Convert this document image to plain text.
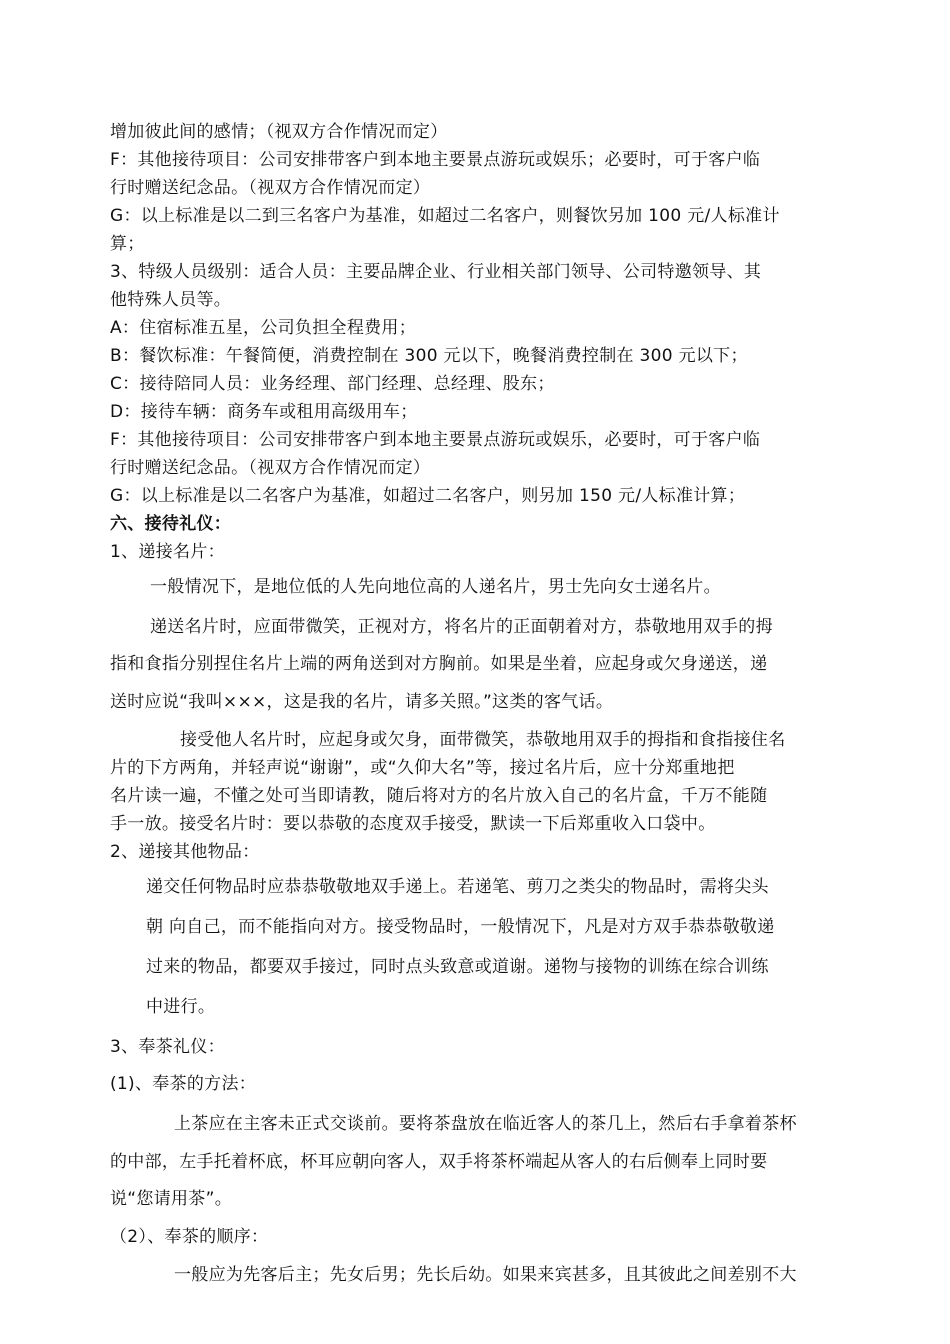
增加彼此间的感情；（视双方合作情况而定）
F：其他接待项目：公司安排带客户到本地主要景点游玩或娱乐；必要时，可于客户临
行时赠送纪念品。（视双方合作情况而定）
G：以上标准是以二到三名客户为基准，如超过二名客户，则餐饮另加 100 元/人标准计
算；
3、特级人员级别：适合人员：主要品牌企业、行业相关部门领导、公司特邀领导、其
他特殊人员等。
A：住宿标准五星，公司负担全程费用；
B：餐饮标准：午餐简便，消费控制在 300 元以下，晚餐消费控制在 300 元以下；
C：接待陪同人员：业务经理、部门经理、总经理、股东；
D：接待车辆：商务车或租用高级用车；
F：其他接待项目：公司安排带客户到本地主要景点游玩或娱乐，必要时，可于客户临
行时赠送纪念品。（视双方合作情况而定）
G：以上标准是以二名客户为基准，如超过二名客户，则另加 150 元/人标准计算；
六、接待礼仪：
1、递接名片：
一般情况下，是地位低的人先向地位高的人递名片，男士先向女士递名片。
递送名片时，应面带微笑，正视对方，将名片的正面朝着对方，恭敬地用双手的拇
指和食指分别捏住名片上端的两角送到对方胸前。如果是坐着，应起身或欠身递送，递
送时应说“我叫×××，这是我的名片，请多关照。”这类的客气话。
接受他人名片时，应起身或欠身，面带微笑，恭敬地用双手的拇指和食指接住名
片的下方两角，并轻声说“谢谢”，或“久仰大名”等，接过名片后，应十分郑重地把
名片读一遍，不懂之处可当即请教，随后将对方的名片放入自己的名片盒，千万不能随
手一放。接受名片时：要以恭敬的态度双手接受，默读一下后郑重收入口袋中。
2、递接其他物品：
递交任何物品时应恭恭敬敬地双手递上。若递笔、剪刀之类尖的物品时，需将尖头
朝 向自己，而不能指向对方。接受物品时，一般情况下，凡是对方双手恭恭敬敬递
过来的物品，都要双手接过，同时点头致意或道谢。递物与接物的训练在综合训练
中进行。
3、奉茶礼仪：
(1)、奉茶的方法：
上茶应在主客未正式交谈前。要将茶盘放在临近客人的茶几上，然后右手拿着茶杯
的中部，左手托着杯底，杯耳应朝向客人，双手将茶杯端起从客人的右后侧奉上同时要
说“您请用茶”。
（2）、奉茶的顺序：
一般应为先客后主；先女后男；先长后幼。如果来宾甚多，且其彼此之间差别不大
